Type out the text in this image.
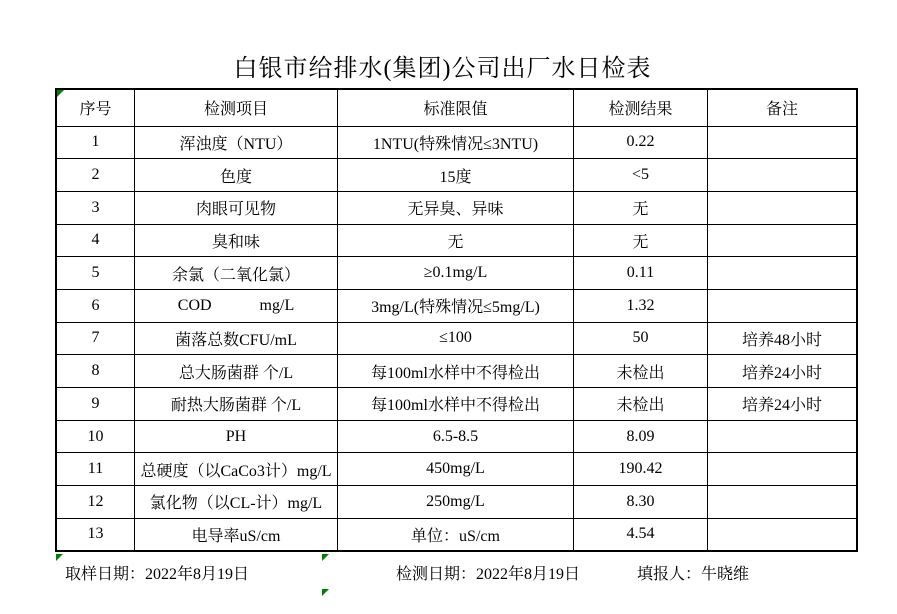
白银市给排水(集团)公司出厂水日检表
序号	检测项目	标准限值	检测结果	备注
1	浑浊度（NTU）	1NTU(特殊情况≤3NTU)	0.22	
2	色度	15度	<5	
3	肉眼可见物	无异臭、异味	无	
4	臭和味	无	无	
5	余氯（二氧化氯）	≥0.1mg/L	0.11	
6	COD            mg/L	3mg/L(特殊情况≤5mg/L)	1.32	
7	菌落总数CFU/mL	≤100	50	培养48小时
8	总大肠菌群 个/L	每100ml水样中不得检出	未检出	培养24小时
9	耐热大肠菌群 个/L	每100ml水样中不得检出	未检出	培养24小时
10	PH	6.5-8.5	8.09	
11	总硬度（以CaCo3计）mg/L	450mg/L	190.42	
12	氯化物（以CL-计）mg/L	250mg/L	8.30	
13	电导率uS/cm	单位：uS/cm	4.54	
取样日期：2022年8月19日	检测日期：2022年8月19日	填报人：牛晓维
